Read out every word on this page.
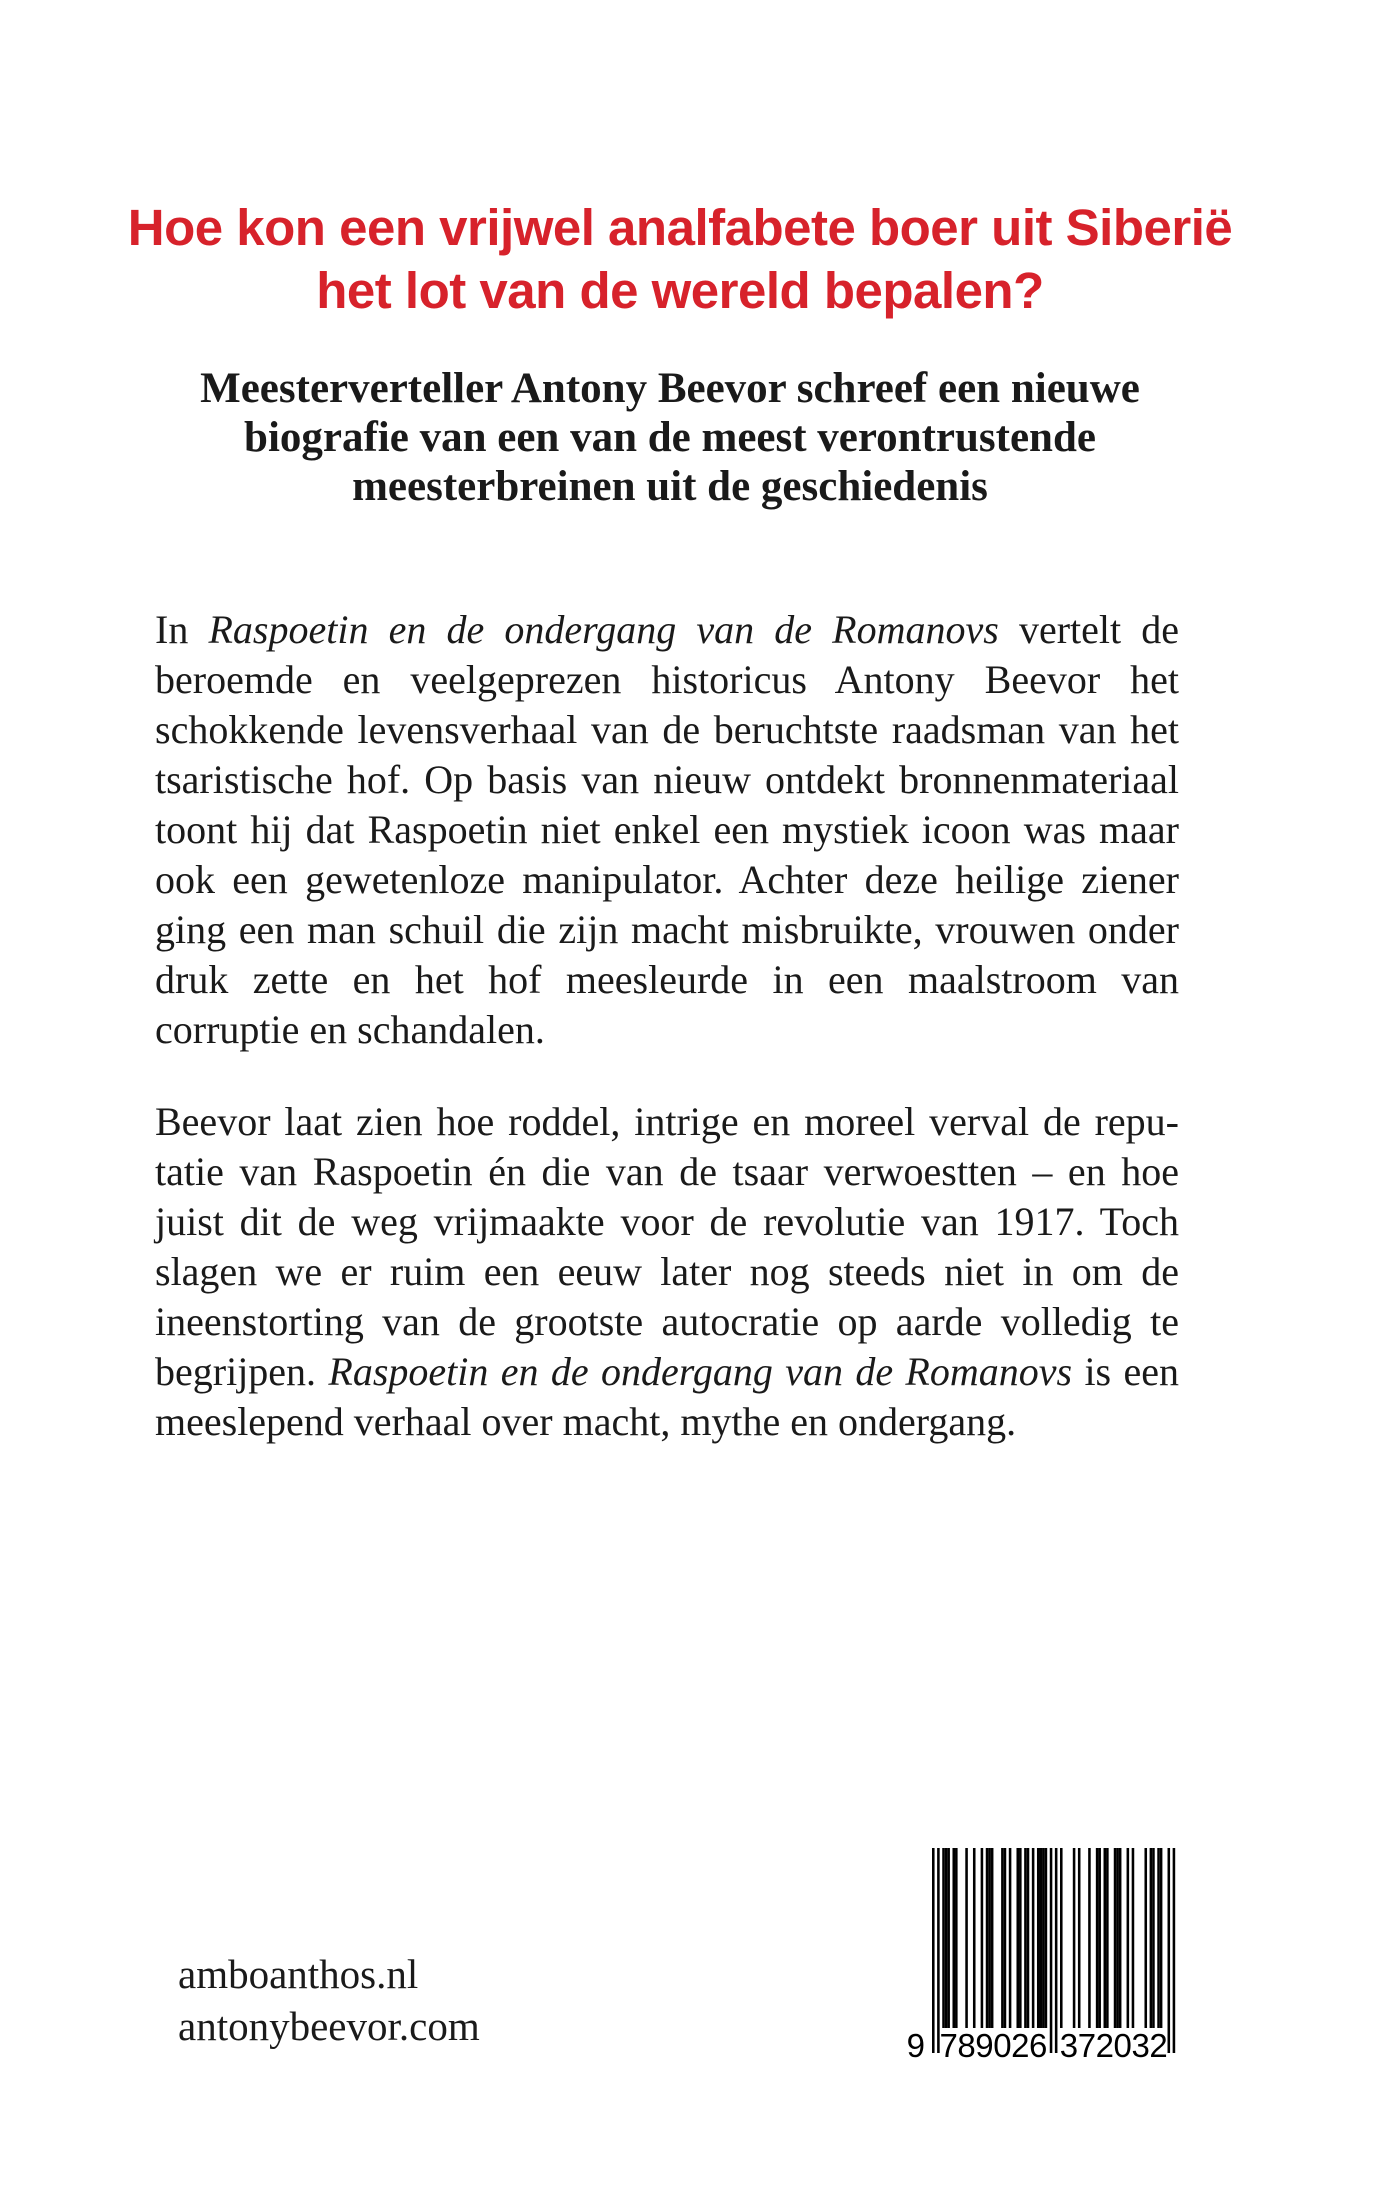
Hoe kon een vrijwel analfabete boer uit Siberië
het lot van de wereld bepalen?
Meesterverteller Antony Beevor schreef een nieuwe
biografie van een van de meest verontrustende
meesterbreinen uit de geschiedenis

In Raspoetin en de ondergang van de Romanovs vertelt de beroemde en veelgeprezen historicus Antony Beevor het schokkende levensverhaal van de beruchtste raadsman van het tsaristische hof. Op basis van nieuw ontdekt bronnenmateriaal toont hij dat Raspoetin niet enkel een mystiek icoon was maar ook een gewetenloze manipulator. Achter deze heilige ziener ging een man schuil die zijn macht misbruikte, vrouwen onder druk zette en het hof meesleurde in een maalstroom van corruptie en schandalen.

Beevor laat zien hoe roddel, intrige en moreel verval de reputatie van Raspoetin én die van de tsaar verwoestten – en hoe juist dit de weg vrijmaakte voor de revolutie van 1917. Toch slagen we er ruim een eeuw later nog steeds niet in om de ineenstorting van de grootste autocratie op aarde volledig te begrijpen. Raspoetin en de ondergang van de Romanovs is een meeslepend verhaal over macht, mythe en ondergang.

amboanthos.nl
antonybeevor.com	9 7	3
8	7
9	2
0	0
2	3
6	2
